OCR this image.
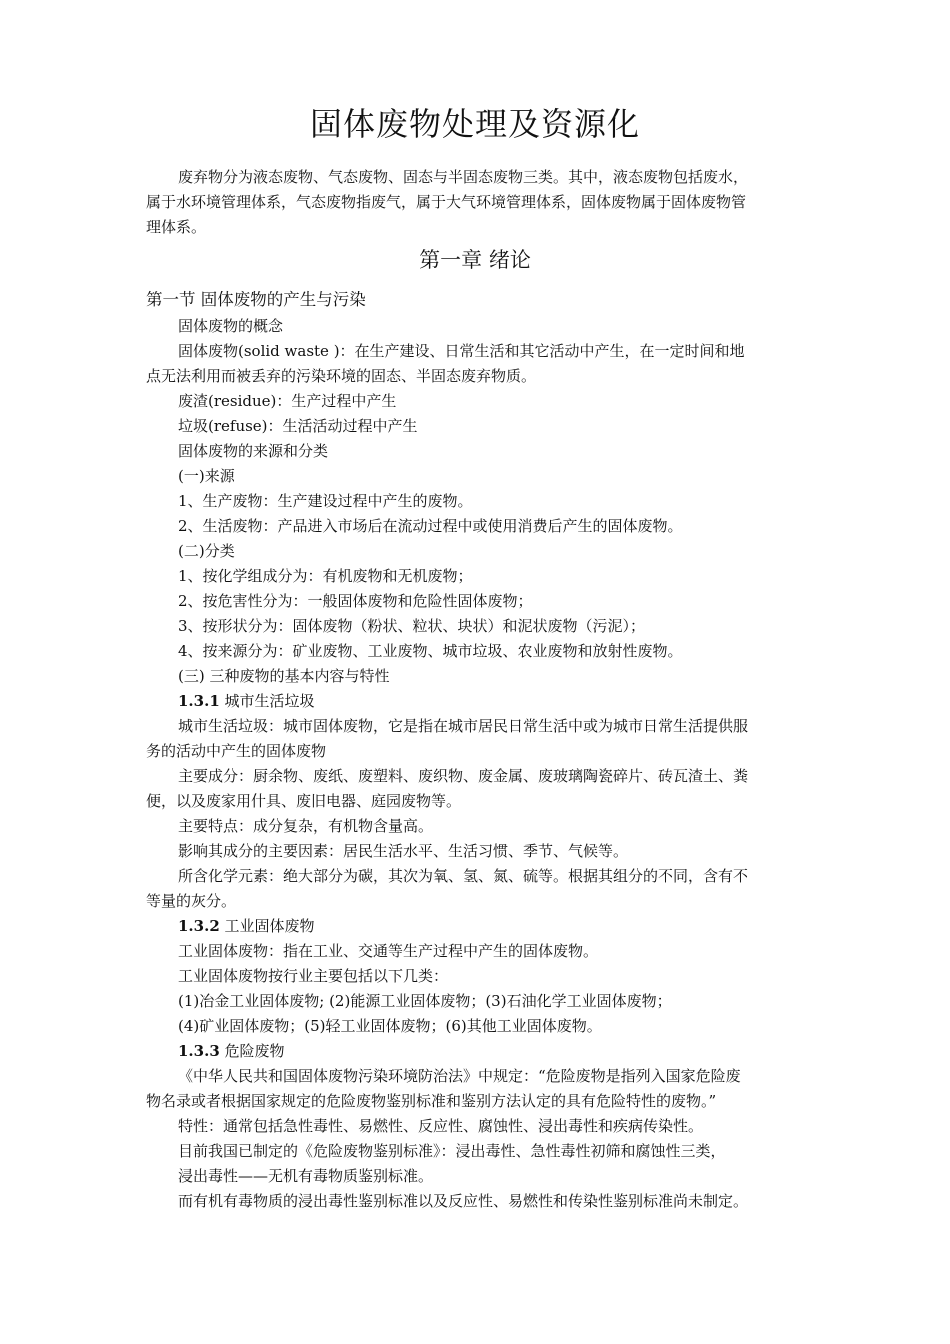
固体废物处理及资源化
废弃物分为液态废物、气态废物、固态与半固态废物三类。其中，液态废物包括废水，
属于水环境管理体系，气态废物指废气，属于大气环境管理体系，固体废物属于固体废物管
理体系。
第一章 绪论
第一节 固体废物的产生与污染
固体废物的概念
固体废物(solid waste )：在生产建设、日常生活和其它活动中产生，在一定时间和地
点无法利用而被丢弃的污染环境的固态、半固态废弃物质。
废渣(residue)：生产过程中产生
垃圾(refuse)：生活活动过程中产生
固体废物的来源和分类
(一)来源
1、生产废物：生产建设过程中产生的废物。
2、生活废物：产品进入市场后在流动过程中或使用消费后产生的固体废物。
(二)分类
1、按化学组成分为：有机废物和无机废物；
2、按危害性分为：一般固体废物和危险性固体废物；
3、按形状分为：固体废物（粉状、粒状、块状）和泥状废物（污泥）；
4、按来源分为：矿业废物、工业废物、城市垃圾、农业废物和放射性废物。
(三) 三种废物的基本内容与特性
1.3.1 城市生活垃圾
城市生活垃圾：城市固体废物，它是指在城市居民日常生活中或为城市日常生活提供服
务的活动中产生的固体废物
主要成分：厨余物、废纸、废塑料、废织物、废金属、废玻璃陶瓷碎片、砖瓦渣土、粪
便，以及废家用什具、废旧电器、庭园废物等。
主要特点：成分复杂，有机物含量高。
影响其成分的主要因素：居民生活水平、生活习惯、季节、气候等。
所含化学元素：绝大部分为碳，其次为氧、氢、氮、硫等。根据其组分的不同，含有不
等量的灰分。
1.3.2 工业固体废物
工业固体废物：指在工业、交通等生产过程中产生的固体废物。
工业固体废物按行业主要包括以下几类：
(1)冶金工业固体废物; (2)能源工业固体废物；(3)石油化学工业固体废物；
(4)矿业固体废物；(5)轻工业固体废物；(6)其他工业固体废物。
1.3.3 危险废物
《中华人民共和国固体废物污染环境防治法》中规定：“危险废物是指列入国家危险废
物名录或者根据国家规定的危险废物鉴别标准和鉴别方法认定的具有危险特性的废物。”
特性：通常包括急性毒性、易燃性、反应性、腐蚀性、浸出毒性和疾病传染性。
目前我国已制定的《危险废物鉴别标准》：浸出毒性、急性毒性初筛和腐蚀性三类，
浸出毒性——无机有毒物质鉴别标准。
而有机有毒物质的浸出毒性鉴别标准以及反应性、易燃性和传染性鉴别标准尚未制定。
